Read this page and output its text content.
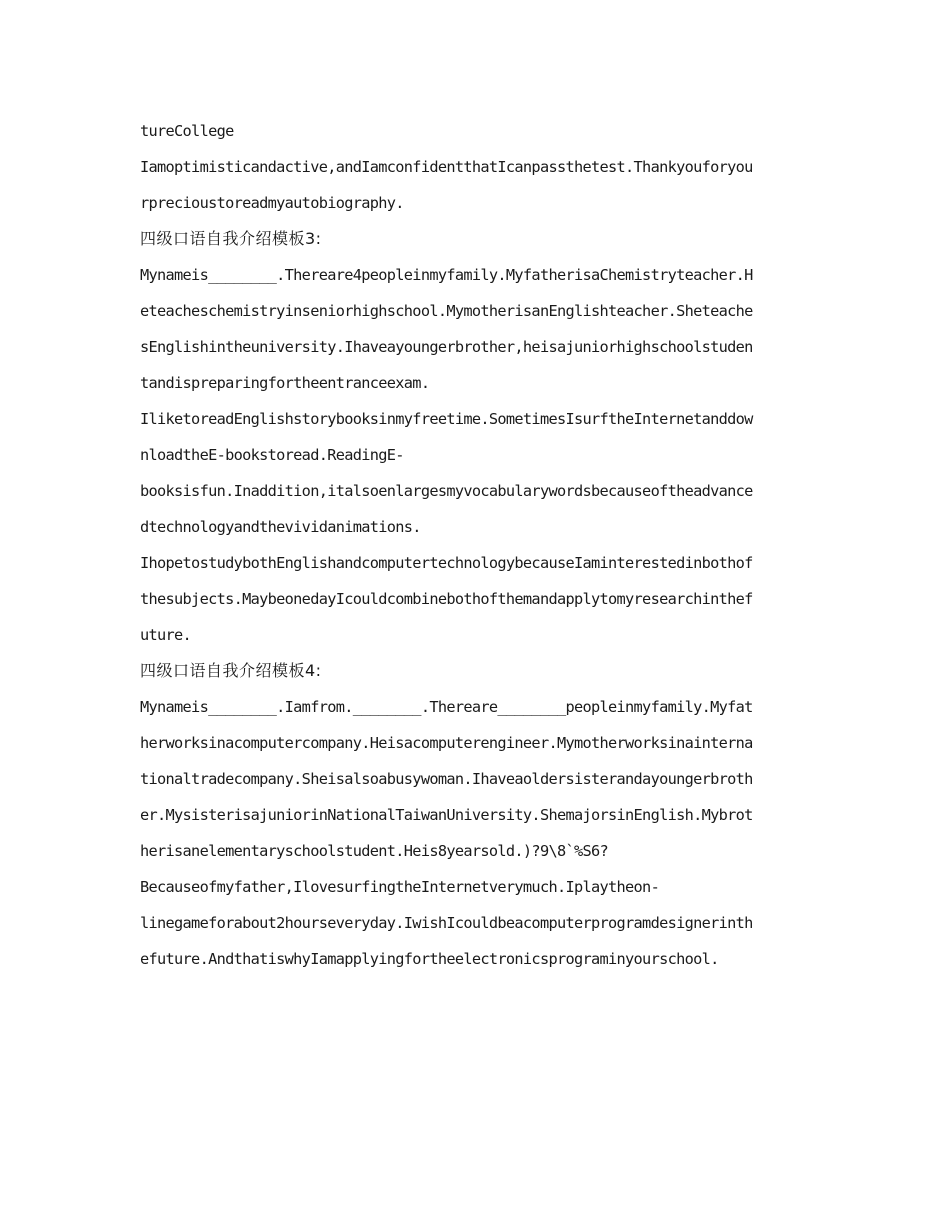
tureCollege
Iamoptimisticandactive,andIamconfidentthatIcanpassthetest.Thankyouforyou
rprecioustoreadmyautobiography.
四级口语自我介绍模板3:
Mynameis________.Thereare4peopleinmyfamily.MyfatherisaChemistryteacher.H
eteacheschemistryinseniorhighschool.MymotherisanEnglishteacher.Sheteache
sEnglishintheuniversity.Ihaveayoungerbrother,heisajuniorhighschoolstuden
tandispreparingfortheentranceexam.
IliketoreadEnglishstorybooksinmyfreetime.SometimesIsurftheInternetanddow
nloadtheE-bookstoread.ReadingE-
booksisfun.Inaddition,italsoenlargesmyvocabularywordsbecauseoftheadvance
dtechnologyandthevividanimations.
IhopetostudybothEnglishandcomputertechnologybecauseIaminterestedinbothof
thesubjects.MaybeonedayIcouldcombinebothofthemandapplytomyresearchinthef
uture.
四级口语自我介绍模板4:
Mynameis________.Iamfrom.________.Thereare________peopleinmyfamily.Myfat
herworksinacomputercompany.Heisacomputerengineer.Mymotherworksinainterna
tionaltradecompany.Sheisalsoabusywoman.Ihaveaoldersisterandayoungerbroth
er.MysisterisajuniorinNationalTaiwanUniversity.ShemajorsinEnglish.Mybrot
herisanelementaryschoolstudent.Heis8yearsold.)?9\8`%S6?
Becauseofmyfather,IlovesurfingtheInternetverymuch.Iplaytheon-
linegameforabout2hourseveryday.IwishIcouldbeacomputerprogramdesignerinth
efuture.AndthatiswhyIamapplyingfortheelectronicsprograminyourschool.
